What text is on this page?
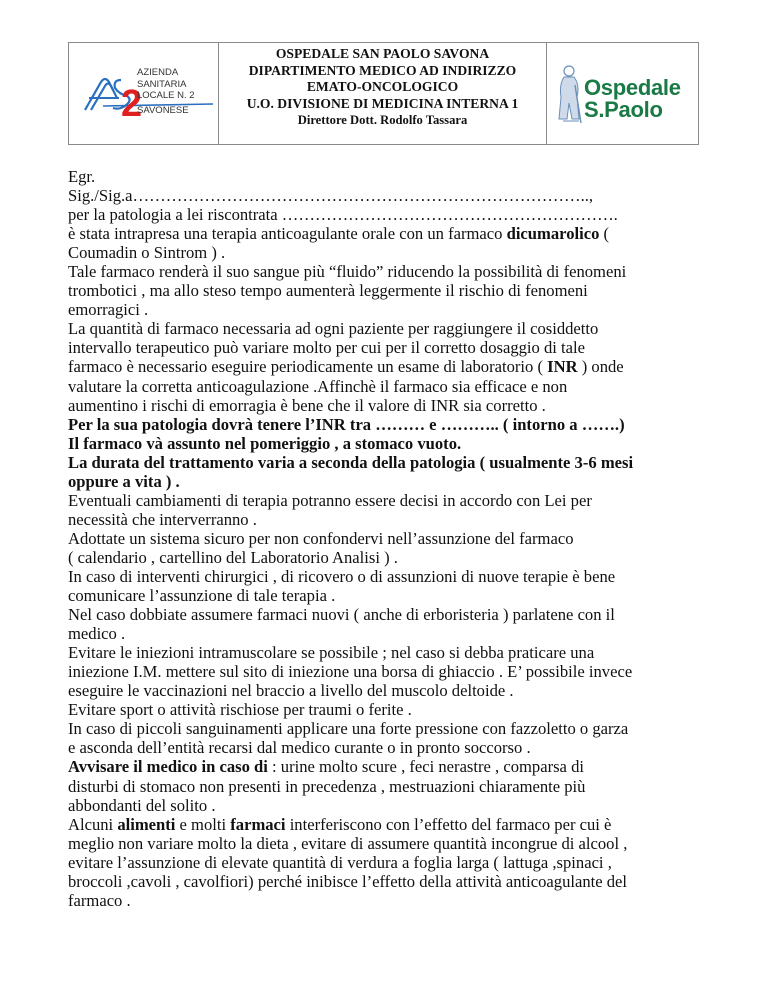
2
AZIENDA
SANITARIA
LOCALE N. 2
SAVONESE
OSPEDALE SAN PAOLO SAVONA
DIPARTIMENTO MEDICO AD INDIRIZZO
EMATO-ONCOLOGICO
U.O. DIVISIONE DI MEDICINA INTERNA 1
Direttore Dott. Rodolfo Tassara
Ospedale
S.Paolo

Egr.

Sig./Sig.a………………………………………………………………………..,

per la patologia a lei riscontrata …………………………………………………….

è stata intrapresa una terapia anticoagulante orale con un farmaco dicumarolico (

Coumadin o Sintrom ) .

Tale farmaco renderà il suo sangue più “fluido” riducendo la possibilità di fenomeni

trombotici , ma allo steso tempo aumenterà leggermente il rischio di fenomeni

emorragici .

La quantità di farmaco necessaria ad ogni paziente per raggiungere il cosiddetto

intervallo terapeutico può variare molto per cui per il corretto dosaggio di tale

farmaco è necessario eseguire periodicamente un esame di laboratorio ( INR ) onde

valutare la corretta anticoagulazione .Affinchè il farmaco sia efficace e non

aumentino i rischi di emorragia è bene che il valore di INR sia corretto .

Per la sua patologia dovrà tenere l’INR tra ……… e ……….. ( intorno a …….)

Il farmaco và assunto nel pomeriggio , a stomaco vuoto.

La durata del trattamento varia a seconda della patologia ( usualmente 3-6 mesi

oppure a vita ) .

Eventuali cambiamenti di terapia potranno essere decisi in accordo con Lei per

necessità che interverranno .

Adottate un sistema sicuro per non confondervi nell’assunzione del farmaco

( calendario , cartellino del Laboratorio Analisi ) .

In caso di interventi chirurgici , di ricovero o di assunzioni di nuove terapie è bene

comunicare l’assunzione di tale terapia .

Nel caso dobbiate assumere farmaci nuovi ( anche di erboristeria ) parlatene con il

medico .

Evitare le iniezioni intramuscolare se possibile ; nel caso si debba praticare una

iniezione I.M. mettere sul sito di iniezione una borsa di ghiaccio . E’ possibile invece

eseguire le vaccinazioni nel braccio a livello del muscolo deltoide .

Evitare sport o attività rischiose per traumi o ferite .

In caso di piccoli sanguinamenti applicare una forte pressione con fazzoletto o garza

e asconda dell’entità recarsi dal medico curante o in pronto soccorso .

Avvisare il medico in caso di : urine molto scure , feci nerastre , comparsa di

disturbi di stomaco non presenti in precedenza , mestruazioni chiaramente più

abbondanti del solito .

Alcuni alimenti e molti farmaci interferiscono con l’effetto del farmaco per cui è

meglio non variare molto la dieta , evitare di assumere quantità incongrue di alcool ,

evitare l’assunzione di elevate quantità di verdura a foglia larga ( lattuga ,spinaci ,

broccoli ,cavoli , cavolfiori) perché inibisce l’effetto della attività anticoagulante del

farmaco .
